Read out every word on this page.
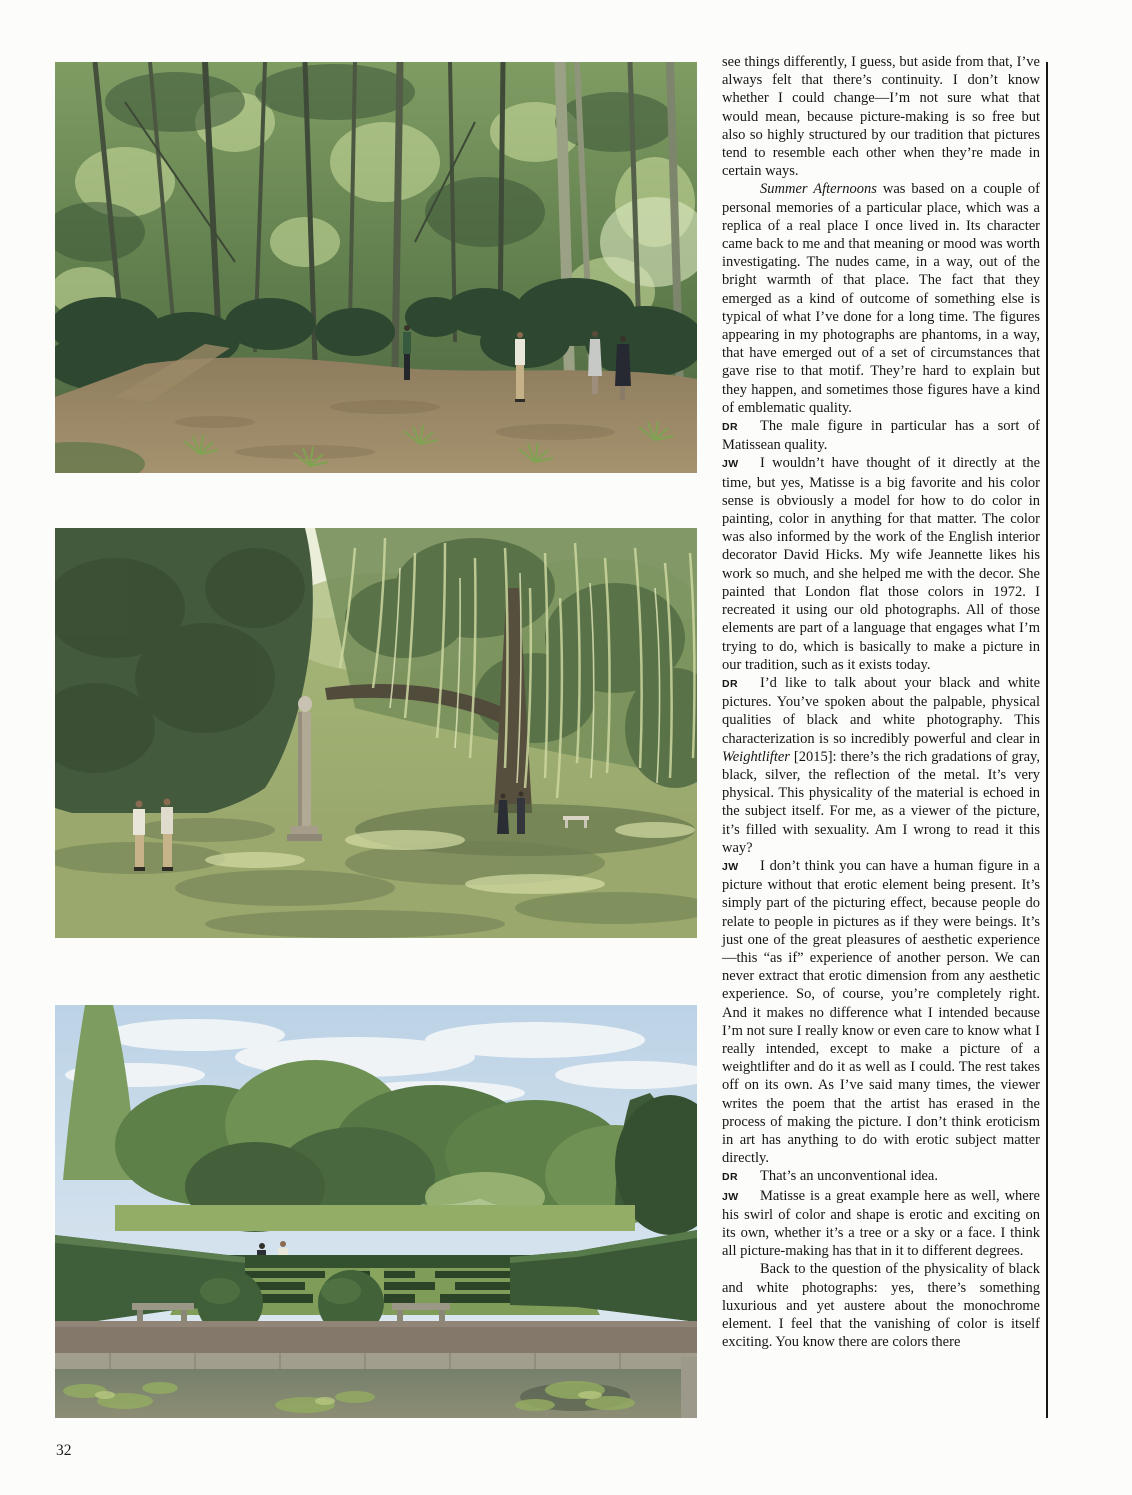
see things differently, I guess, but aside from that, I’ve always felt that there’s continuity. I don’t know whether I could change—I’m not sure what that would mean, because picture-making is so free but also so highly structured by our tradition that pictures tend to resemble each other when they’re made in certain ways.

Summer Afternoons was based on a couple of personal memories of a particular place, which was a replica of a real place I once lived in. Its character came back to me and that meaning or mood was worth investigating. The nudes came, in a way, out of the bright warmth of that place. The fact that they emerged as a kind of outcome of something else is typical of what I’ve done for a long time. The figures appearing in my photographs are phantoms, in a way, that have emerged out of a set of circumstances that gave rise to that motif. They’re hard to explain but they happen, and sometimes those figures have a kind of emblematic quality.

DR The male figure in particular has a sort of Matissean quality.

JW I wouldn’t have thought of it directly at the time, but yes, Matisse is a big favorite and his color sense is obviously a model for how to do color in painting, color in anything for that matter. The color was also informed by the work of the English interior decorator David Hicks. My wife Jeannette likes his work so much, and she helped me with the decor. She painted that London flat those colors in 1972. I recreated it using our old photographs. All of those elements are part of a language that engages what I’m trying to do, which is basically to make a picture in our tradition, such as it exists today.

DR I’d like to talk about your black and white pictures. You’ve spoken about the palpable, physical qualities of black and white photography. This characterization is so incredibly powerful and clear in Weightlifter [2015]: there’s the rich gradations of gray, black, silver, the reflection of the metal. It’s very physical. This physicality of the material is echoed in the subject itself. For me, as a viewer of the picture, it’s filled with sexuality. Am I wrong to read it this way?

JW I don’t think you can have a human figure in a picture without that erotic element being present. It’s simply part of the picturing effect, because people do relate to people in pictures as if they were beings. It’s just one of the great pleasures of aesthetic experience—this “as if” experience of another person. We can never extract that erotic dimension from any aesthetic experience. So, of course, you’re completely right. And it makes no difference what I intended because I’m not sure I really know or even care to know what I really intended, except to make a picture of a weightlifter and do it as well as I could. The rest takes off on its own. As I’ve said many times, the viewer writes the poem that the artist has erased in the process of making the picture. I don’t think eroticism in art has anything to do with erotic subject matter directly.

DR That’s an unconventional idea.

JW Matisse is a great example here as well, where his swirl of color and shape is erotic and exciting on its own, whether it’s a tree or a sky or a face. I think all picture-making has that in it to different degrees.

Back to the question of the physicality of black and white photographs: yes, there’s something luxurious and yet austere about the monochrome element. I feel that the vanishing of color is itself exciting. You know there are colors there

32
